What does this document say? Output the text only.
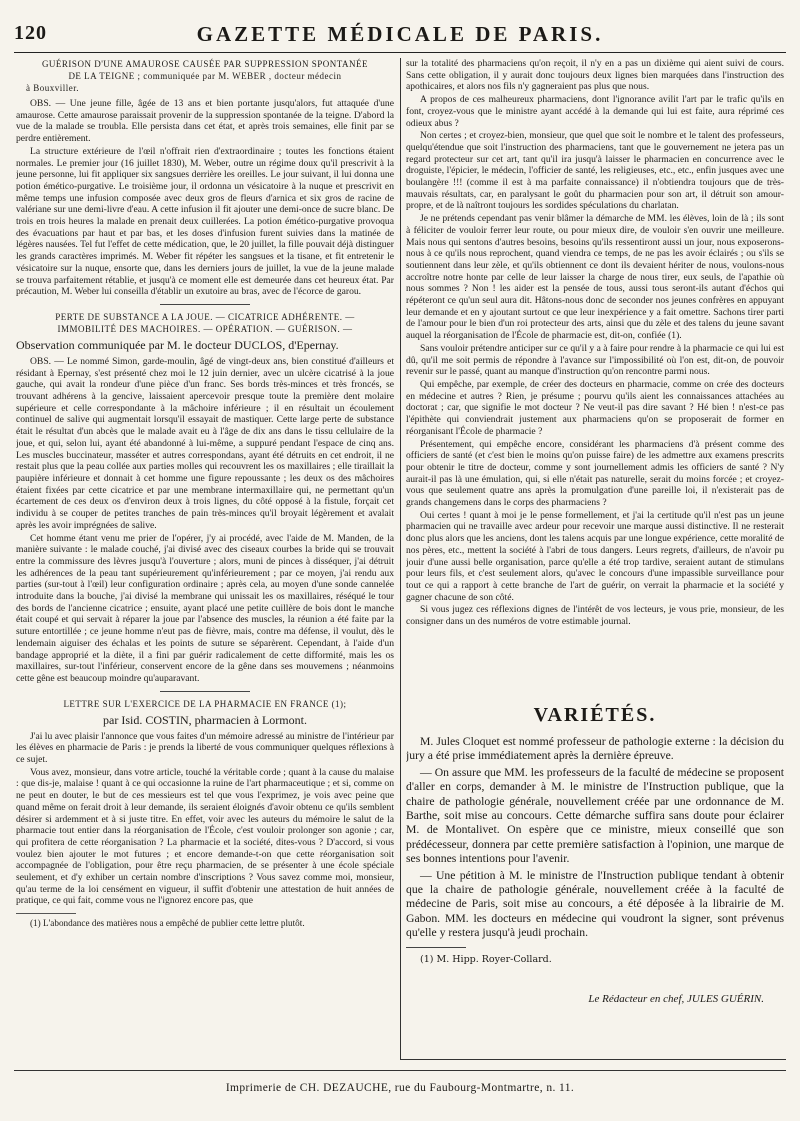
120	GAZETTE MÉDICALE DE PARIS.
GUÉRISON D'UNE AMAUROSE CAUSÉE PAR SUPPRESSION SPONTANÉE
DE LA TEIGNE ; communiquée par M. WEBER , docteur médecin
à Bouxviller.

OBS. — Une jeune fille, âgée de 13 ans et bien portante jusqu'alors, fut attaquée d'une amaurose. Cette amaurose paraissait provenir de la suppression spontanée de la teigne. D'abord la vue de la malade se troubla. Elle persista dans cet état, et après trois semaines, elle finit par se perdre entièrement.

La structure extérieure de l'œil n'offrait rien d'extraordinaire ; toutes les fonctions étaient normales. Le premier jour (16 juillet 1830), M. Weber, outre un régime doux qu'il prescrivit à la jeune personne, lui fit appliquer six sangsues derrière les oreilles. Le jour suivant, il lui donna une potion émético-purgative. Le troisième jour, il ordonna un vésicatoire à la nuque et prescrivit en même temps une infusion composée avec deux gros de fleurs d'arnica et six gros de racine de valériane sur une demi-livre d'eau. A cette infusion il fit ajouter une demi-once de sucre blanc. De trois en trois heures la malade en prenait deux cuillerées. La potion émético-purgative provoqua des évacuations par haut et par bas, et les doses d'infusion furent suivies dans la matinée de légères nausées. Tel fut l'effet de cette médication, que, le 20 juillet, la fille pouvait déjà distinguer les grands caractères imprimés. M. Weber fit répéter les sangsues et la tisane, et fit entretenir le vésicatoire sur la nuque, ensorte que, dans les derniers jours de juillet, la vue de la jeune malade se trouva parfaitement rétablie, et jusqu'à ce moment elle est demeurée dans cet heureux état. Par précaution, M. Weber lui conseilla d'établir un exutoire au bras, avec de l'écorce de garou.

PERTE DE SUBSTANCE A LA JOUE. — CICATRICE ADHÉRENTE. —
IMMOBILITÉ DES MACHOIRES. — OPÉRATION. — GUÉRISON. —
Observation communiquée par M. le docteur DUCLOS, d'Epernay.

OBS. — Le nommé Simon, garde-moulin, âgé de vingt-deux ans, bien constitué d'ailleurs et résidant à Epernay, s'est présenté chez moi le 12 juin dernier, avec un ulcère cicatrisé à la joue gauche, qui avait la rondeur d'une pièce d'un franc. Ses bords très-minces et très froncés, se trouvant adhérens à la gencive, laissaient apercevoir presque toute la première dent molaire supérieure et celle correspondante à la mâchoire inférieure ; il en résultait un écoulement continuel de salive qui augmentait lorsqu'il essayait de mastiquer. Cette large perte de substance était le résultat d'un abcès que le malade avait eu à l'âge de dix ans dans le tissu cellulaire de la joue, et qui, selon lui, ayant été abandonné à lui-même, a suppuré pendant l'espace de cinq ans. Les muscles buccinateur, masséter et autres correspondans, ayant été détruits en cet endroit, il ne restait plus que la peau collée aux parties molles qui recouvrent les os maxillaires ; elle tiraillait la paupière inférieure et donnait à cet homme une figure repoussante ; les deux os des mâchoires étaient fixées par cette cicatrice et par une membrane intermaxillaire qui, ne permettant qu'un écartement de ces deux os d'environ deux à trois lignes, du côté opposé à la fistule, forçait cet individu à se couper de petites tranches de pain très-minces qu'il broyait légèrement et avalait après les avoir imprégnées de salive.

Cet homme étant venu me prier de l'opérer, j'y ai procédé, avec l'aide de M. Manden, de la manière suivante : le malade couché, j'ai divisé avec des ciseaux courbes la bride qui se trouvait entre la commissure des lèvres jusqu'à l'ouverture ; alors, muni de pinces à disséquer, j'ai détruit les adhérences de la peau tant supérieurement qu'inférieurement ; par ce moyen, j'ai rendu aux parties (sur-tout à l'œil) leur configuration ordinaire ; après cela, au moyen d'une sonde cannelée introduite dans la bouche, j'ai divisé la membrane qui unissait les os maxillaires, réséqué le tour des bords de l'ancienne cicatrice ; ensuite, ayant placé une petite cuillère de bois dont le manche était coupé et qui servait à réparer la joue par l'absence des muscles, la réunion a été faite par la suture entortillée ; ce jeune homme n'eut pas de fièvre, mais, contre ma défense, il voulut, dès le lendemain aiguiser des échalas et les points de suture se séparèrent. Cependant, à l'aide d'un bandage approprié et la diète, il a fini par guérir radicalement de cette difformité, mais les os maxillaires, sur-tout l'inférieur, conservent encore de la gêne dans ses mouvemens ; néanmoins cette gêne est beaucoup moindre qu'auparavant.

LETTRE SUR L'EXERCICE DE LA PHARMACIE EN FRANCE (1);
par Isid. COSTIN, pharmacien à Lormont.

J'ai lu avec plaisir l'annonce que vous faites d'un mémoire adressé au ministre de l'intérieur par les élèves en pharmacie de Paris : je prends la liberté de vous communiquer quelques réflexions à ce sujet.

Vous avez, monsieur, dans votre article, touché la véritable corde ; quant à la cause du malaise : que dis-je, malaise ! quant à ce qui occasionne la ruine de l'art pharmaceutique ; et si, comme on ne peut en douter, le but de ces messieurs est tel que vous l'exprimez, je vois avec peine que quand même on ferait droit à leur demande, ils seraient éloignés d'avoir obtenu ce qu'ils semblent désirer si ardemment et à si juste titre. En effet, voir avec les auteurs du mémoire le salut de la pharmacie tout entier dans la réorganisation de l'École, c'est vouloir prolonger son agonie ; car, qui profitera de cette réorganisation ? La pharmacie et la société, dites-vous ? D'accord, si vous voulez bien ajouter le mot futures ; et encore demande-t-on que cette réorganisation soit accompagnée de l'obligation, pour être reçu pharmacien, de se présenter à une école spéciale seulement, et d'y exhiber un certain nombre d'inscriptions ? Vous savez comme moi, monsieur, qu'au terme de la loi censément en vigueur, il suffit d'obtenir une attestation de huit années de pratique, ce qui fait, comme vous ne l'ignorez encore pas, que

(1) L'abondance des matières nous a empêché de publier cette lettre plutôt.

sur la totalité des pharmaciens qu'on reçoit, il n'y en a pas un dixième qui aient suivi de cours. Sans cette obligation, il y aurait donc toujours deux lignes bien marquées dans l'instruction des apothicaires, et alors nos fils n'y gagneraient pas plus que nous.

A propos de ces malheureux pharmaciens, dont l'ignorance avilit l'art par le trafic qu'ils en font, croyez-vous que le ministre ayant accédé à la demande qui lui est faite, aura réprimé ces odieux abus ?

Non certes ; et croyez-bien, monsieur, que quel que soit le nombre et le talent des professeurs, quelqu'étendue que soit l'instruction des pharmaciens, tant que le gouvernement ne jetera pas un regard protecteur sur cet art, tant qu'il ira jusqu'à laisser le pharmacien en concurrence avec le droguiste, l'épicier, le médecin, l'officier de santé, les religieuses, etc., etc., enfin jusques avec une boulangère !!! (comme il est à ma parfaite connaissance) il n'obtiendra toujours que de très-mauvais résultats, car, en paralysant le goût du pharmacien pour son art, il détruit son amour-propre, et de là naîtront toujours les sordides spéculations du charlatan.

Je ne prétends cependant pas venir blâmer la démarche de MM. les élèves, loin de là ; ils sont à féliciter de vouloir ferrer leur route, ou pour mieux dire, de vouloir s'en ouvrir une meilleure. Mais nous qui sentons d'autres besoins, besoins qu'ils ressentiront aussi un jour, nous exposerons-nous à ce qu'ils nous reprochent, quand viendra ce temps, de ne pas les avoir éclairés ; ou s'ils se soutiennent dans leur zèle, et qu'ils obtiennent ce dont ils devaient hériter de nous, voulons-nous accroître notre honte par celle de leur laisser la charge de nous tirer, eux seuls, de l'apathie où nous sommes ? Non ! les aider est la pensée de tous, aussi tous seront-ils autant d'échos qui répéteront ce qu'un seul aura dit. Hâtons-nous donc de seconder nos jeunes confrères en appuyant leur demande et en y ajoutant surtout ce que leur inexpérience y a fait omettre. Sachons tirer parti de l'amour pour le bien d'un roi protecteur des arts, ainsi que du zèle et des talens du jeune savant auquel la réorganisation de l'École de pharmacie est, dit-on, confiée (1).

Sans vouloir prétendre anticiper sur ce qu'il y a à faire pour rendre à la pharmacie ce qui lui est dû, qu'il me soit permis de répondre à l'avance sur l'impossibilité où l'on est, dit-on, de pouvoir revenir sur le passé, quant au manque d'instruction qu'on rencontre parmi nous.

Qui empêche, par exemple, de créer des docteurs en pharmacie, comme on crée des docteurs en médecine et autres ? Rien, je présume ; pourvu qu'ils aient les connaissances attachées au doctorat ; car, que signifie le mot docteur ? Ne veut-il pas dire savant ? Hé bien ! n'est-ce pas l'épithète qui conviendrait justement aux pharmaciens qu'on se proposerait de former en réorganisant l'École de pharmacie ?

Présentement, qui empêche encore, considérant les pharmaciens d'à présent comme des officiers de santé (et c'est bien le moins qu'on puisse faire) de les admettre aux examens prescrits pour obtenir le titre de docteur, comme y sont journellement admis les officiers de santé ? N'y aurait-il pas là une émulation, qui, si elle n'était pas naturelle, serait du moins forcée ; et croyez-vous que seulement quatre ans après la promulgation d'une pareille loi, il n'existerait pas de grands changemens dans le corps des pharmaciens ?

Oui certes ! quant à moi je le pense formellement, et j'ai la certitude qu'il n'est pas un jeune pharmacien qui ne travaille avec ardeur pour recevoir une marque aussi distinctive. Il ne resterait donc plus alors que les anciens, dont les talens acquis par une longue expérience, cette moralité de nos pères, etc., mettent la société à l'abri de tous dangers. Leurs regrets, d'ailleurs, de n'avoir pu jouir d'une aussi belle organisation, parce qu'elle a été trop tardive, seraient autant de stimulans pour leurs fils, et c'est seulement alors, qu'avec le concours d'une impassible surveillance pour tout ce qui a rapport à cette branche de l'art de guérir, on verrait la pharmacie et la société y gagner chacune de son côté.

Si vous jugez ces réflexions dignes de l'intérêt de vos lecteurs, je vous prie, monsieur, de les consigner dans un des numéros de votre estimable journal.

VARIÉTÉS.

M. Jules Cloquet est nommé professeur de pathologie externe : la décision du jury a été prise immédiatement après la dernière épreuve.

— On assure que MM. les professeurs de la faculté de médecine se proposent d'aller en corps, demander à M. le ministre de l'Instruction publique, que la chaire de pathologie générale, nouvellement créée par une ordonnance de M. Barthe, soit mise au concours. Cette démarche suffira sans doute pour éclairer M. de Montalivet. On espère que ce ministre, mieux conseillé que son prédécesseur, donnera par cette première satisfaction à l'opinion, une marque de ses bonnes intentions pour l'avenir.

— Une pétition à M. le ministre de l'Instruction publique tendant à obtenir que la chaire de pathologie générale, nouvellement créée à la faculté de médecine de Paris, soit mise au concours, a été déposée à la librairie de M. Gabon. MM. les docteurs en médecine qui voudront la signer, sont prévenus qu'elle y restera jusqu'à jeudi prochain.

(1) M. Hipp. Royer-Collard.

Le Rédacteur en chef, JULES GUÉRIN.
Imprimerie de CH. DEZAUCHE, rue du Faubourg-Montmartre, n. 11.
